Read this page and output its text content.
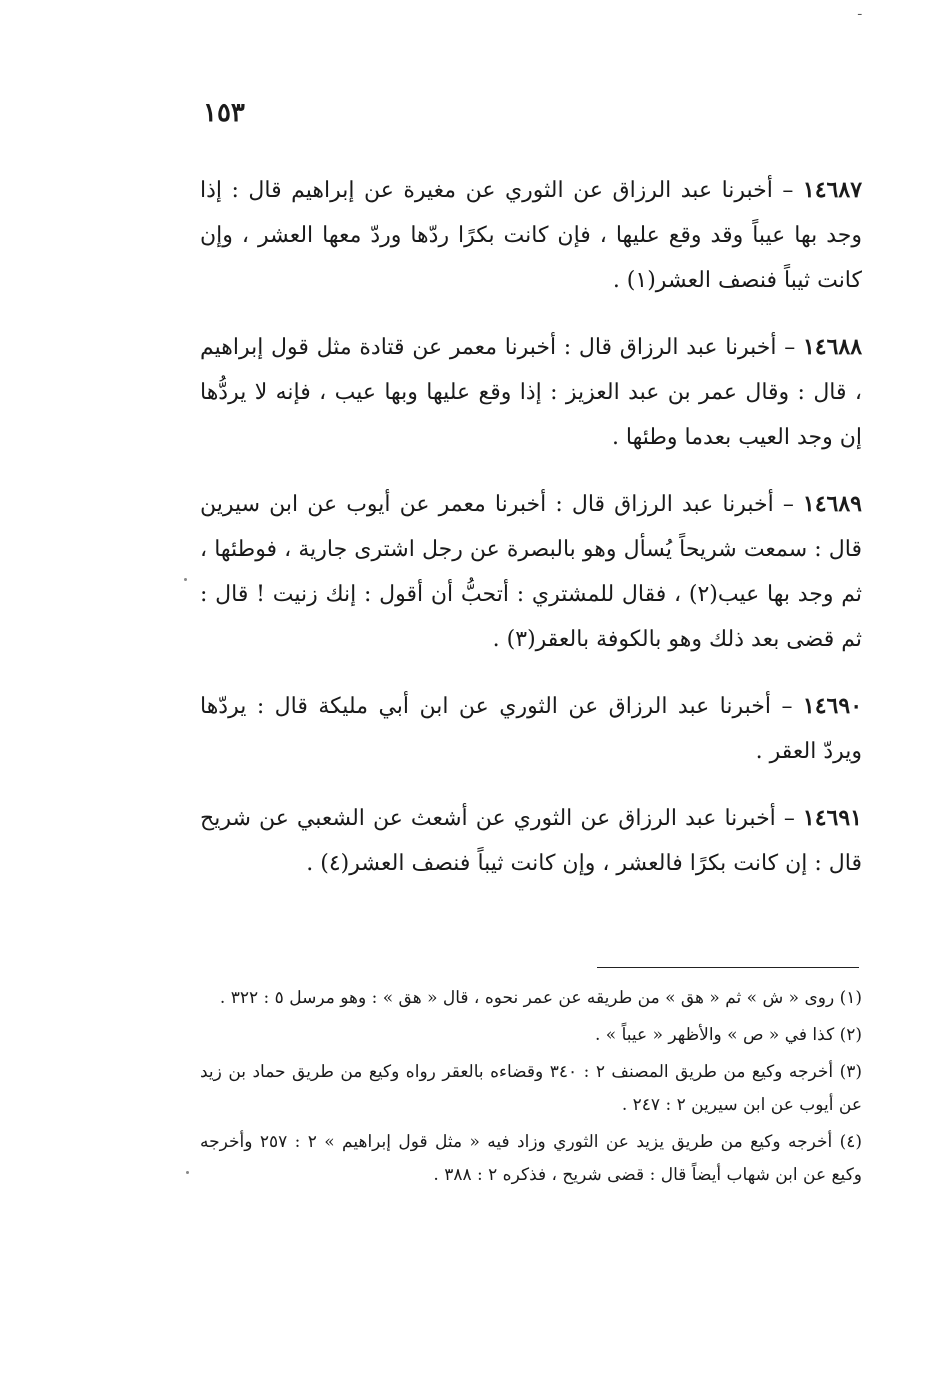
ـ
١٥٣

١٤٦٨٧ – أخبرنا عبد الرزاق عن الثوري عن مغيرة عن إبراهيم قال : إذا وجد بها عيباً وقد وقع عليها ، فإن كانت بكرًا ردّها وردّ معها العشر ، وإن كانت ثيباً فنصف العشر(١) .

١٤٦٨٨ – أخبرنا عبد الرزاق قال : أخبرنا معمر عن قتادة مثل قول إبراهيم ، قال : وقال عمر بن عبد العزيز : إذا وقع عليها وبها عيب ، فإنه لا يردُّها إن وجد العيب بعدما وطئها .

١٤٦٨٩ – أخبرنا عبد الرزاق قال : أخبرنا معمر عن أيوب عن ابن سيرين قال : سمعت شريحاً يُسأل وهو بالبصرة عن رجل اشترى جارية ، فوطئها ، ثم وجد بها عيب(٢) ، فقال للمشتري : أتحبُّ أن أقول : إنك زنيت ! قال : ثم قضى بعد ذلك وهو بالكوفة بالعقر(٣) .

١٤٦٩٠ – أخبرنا عبد الرزاق عن الثوري عن ابن أبي مليكة قال : يردّها ويردّ العقر .

١٤٦٩١ – أخبرنا عبد الرزاق عن الثوري عن أشعث عن الشعبي عن شريح قال : إن كانت بكرًا فالعشر ، وإن كانت ثيباً فنصف العشر(٤) .

(١) روى « ش » ثم « هق » من طريقه عن عمر نحوه ، قال « هق » : وهو مرسل ٥ : ٣٢٢ .

(٢) كذا في « ص » والأظهر « عيباً » .

(٣) أخرجه وكيع من طريق المصنف ٢ : ٣٤٠ وقضاءه بالعقر رواه وكيع من طريق حماد بن زيد عن أيوب عن ابن سيرين ٢ : ٢٤٧ .

(٤) أخرجه وكيع من طريق يزيد عن الثوري وزاد فيه « مثل قول إبراهيم » ٢ : ٢٥٧ وأخرجه وكيع عن ابن شهاب أيضاً قال : قضى شريح ، فذكره ٢ : ٣٨٨ .
